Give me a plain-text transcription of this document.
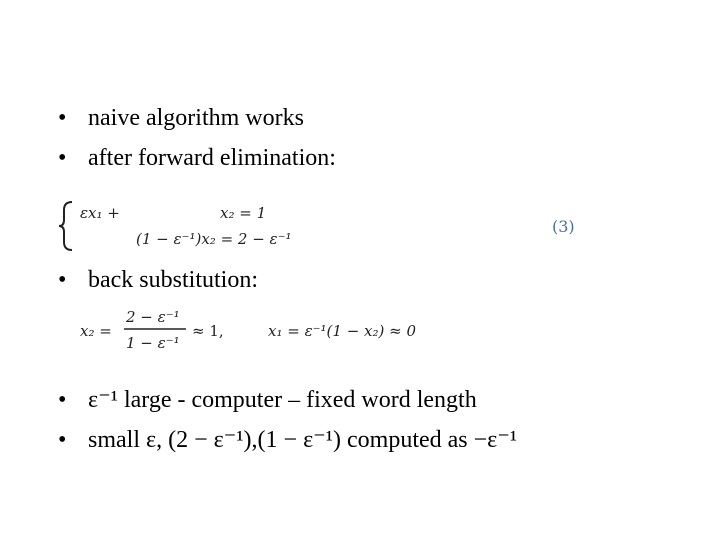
• naive algorithm works
• after forward elimination:
εx₁ +	x₂ = 1
(1 − ε⁻¹)x₂ = 2 − ε⁻¹
(3)
• back substitution:
x₂ =
2 − ε⁻¹
1 − ε⁻¹
≈ 1,	x₁ = ε⁻¹(1 − x₂) ≈ 0
• ε⁻¹ large - computer – fixed word length
• small ε, (2 − ε⁻¹),(1 − ε⁻¹) computed as −ε⁻¹
